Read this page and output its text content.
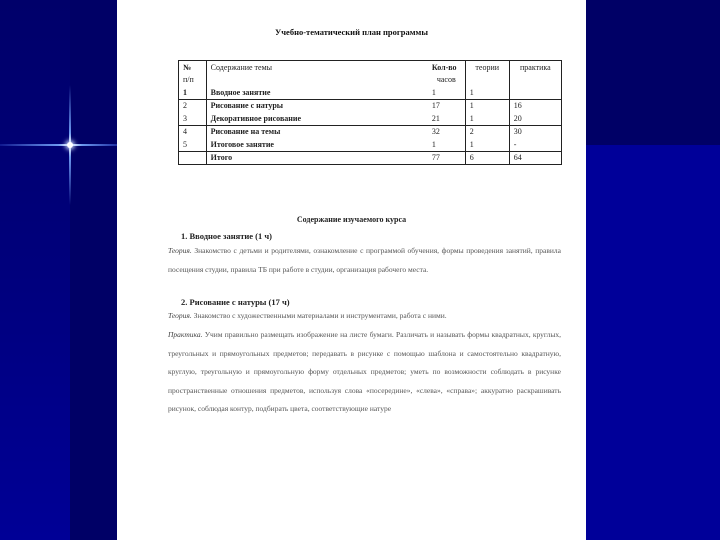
Учебно-тематический план программы
№	Содержание темы	Кол-во	теории	практика
п/п		часов		
1	Вводное занятие	1	1	
2	Рисование с натуры	17	1	16
3	Декоративное рисование	21	1	20
4	Рисование на темы	32	2	30
5	Итоговое занятие	1	1	-
	Итого	77	6	64
Содержание изучаемого курса
1. Вводное занятие (1 ч)
Теория. Знакомство с детьми и родителями, ознакомление с программой обучения, формы проведения занятий, правила посещения студии, правила ТБ при работе в студии, организация рабочего места.
2. Рисование с натуры (17 ч)
Теория. Знакомство с художественными материалами и инструментами, работа с ними.
Практика. Учим правильно размещать изображение на листе бумаги. Различать и называть формы квадратных, круглых, треугольных и прямоугольных предметов; передавать в рисунке с помощью шаблона и самостоятельно квадратную, круглую, треугольную и прямоугольную форму отдельных предметов; уметь по возможности соблюдать в рисунке пространственные отношения предметов, используя слова «посередине», «слева», «справа»; аккуратно раскрашивать рисунок, соблюдая контур, подбирать цвета, соответствующие натуре
